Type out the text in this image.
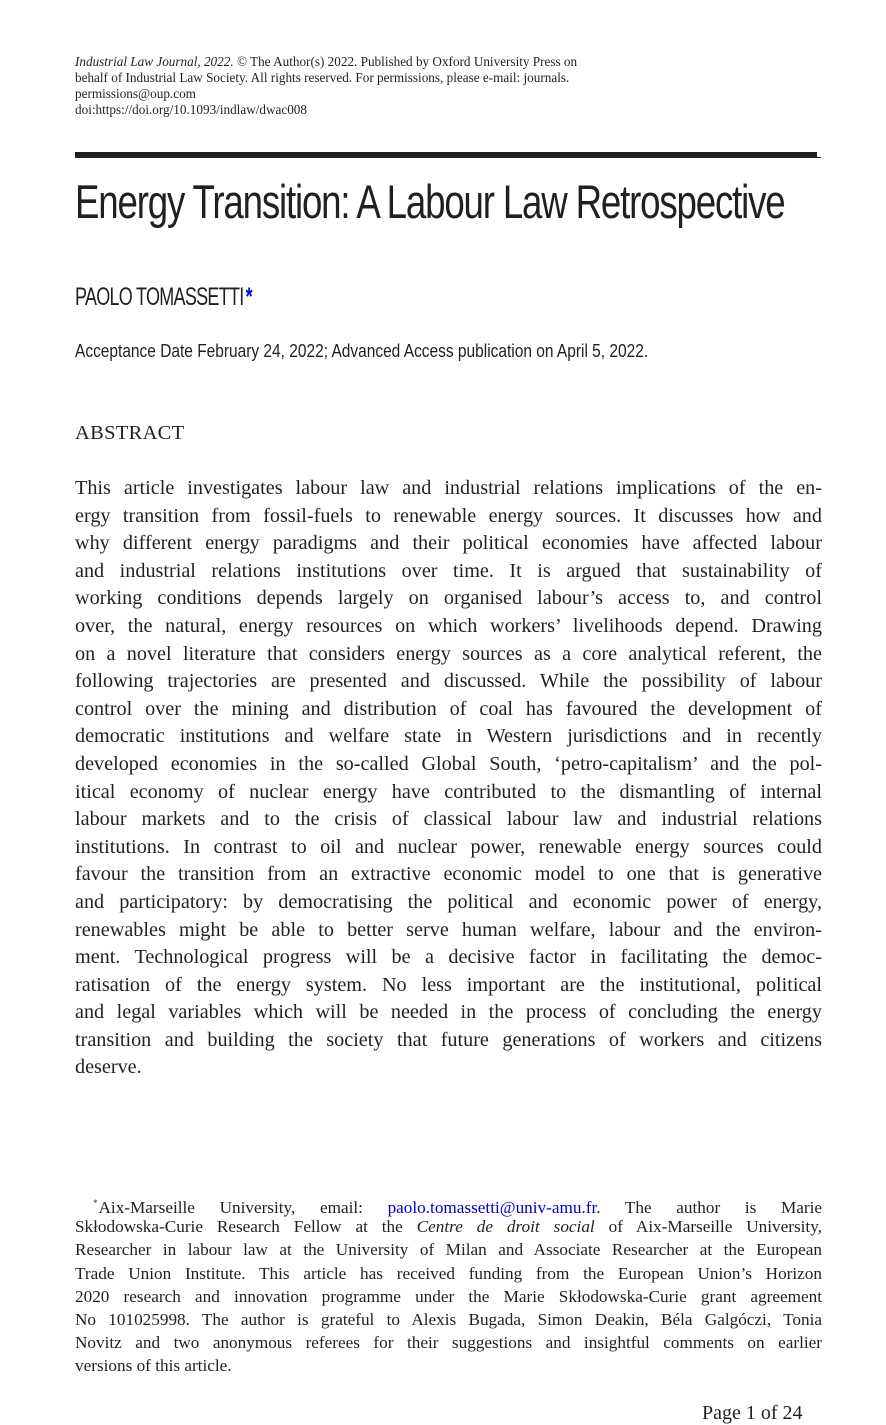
Industrial Law Journal, 2022. © The Author(s) 2022. Published by Oxford University Press on
behalf of Industrial Law Society. All rights reserved. For permissions, please e-mail: journals.
permissions@oup.com
doi:https://doi.org/10.1093/indlaw/dwac008
Energy Transition: A Labour Law Retrospective
PAOLO TOMASSETTI*
Acceptance Date February 24, 2022; Advanced Access publication on April 5, 2022.
ABSTRACT
This article investigates labour law and industrial relations implications of the en-
ergy transition from fossil-fuels to renewable energy sources. It discusses how and
why different energy paradigms and their political economies have affected labour
and industrial relations institutions over time. It is argued that sustainability of
working conditions depends largely on organised labour’s access to, and control
over, the natural, energy resources on which workers’ livelihoods depend. Drawing
on a novel literature that considers energy sources as a core analytical referent, the
following trajectories are presented and discussed. While the possibility of labour
control over the mining and distribution of coal has favoured the development of
democratic institutions and welfare state in Western jurisdictions and in recently
developed economies in the so-called Global South, ‘petro-capitalism’ and the pol-
itical economy of nuclear energy have contributed to the dismantling of internal
labour markets and to the crisis of classical labour law and industrial relations
institutions. In contrast to oil and nuclear power, renewable energy sources could
favour the transition from an extractive economic model to one that is generative
and participatory: by democratising the political and economic power of energy,
renewables might be able to better serve human welfare, labour and the environ-
ment. Technological progress will be a decisive factor in facilitating the democ-
ratisation of the energy system. No less important are the institutional, political
and legal variables which will be needed in the process of concluding the energy
transition and building the society that future generations of workers and citizens
deserve.
*Aix-Marseille University, email: paolo.tomassetti@univ-amu.fr. The author is Marie
Skłodowska-Curie Research Fellow at the Centre de droit social of Aix-Marseille University,
Researcher in labour law at the University of Milan and Associate Researcher at the European
Trade Union Institute. This article has received funding from the European Union’s Horizon
2020 research and innovation programme under the Marie Skłodowska-Curie grant agreement
No 101025998. The author is grateful to Alexis Bugada, Simon Deakin, Béla Galgóczi, Tonia
Novitz and two anonymous referees for their suggestions and insightful comments on earlier
versions of this article.
Page 1 of 24
